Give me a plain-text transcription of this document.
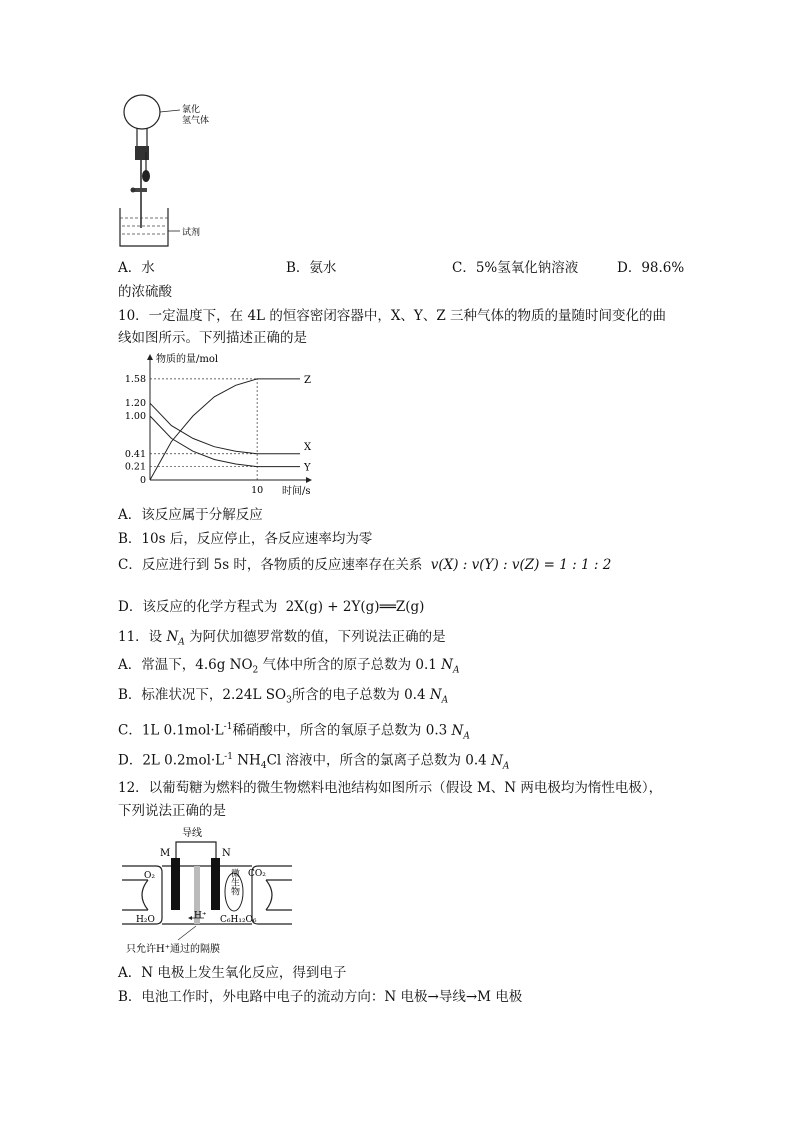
氯化
氢气体
试剂
A．水	B．氨水	C．5%氢氧化钠溶液	D．98.6%
的浓硫酸
10．一定温度下，在 4L 的恒容密闭容器中，X、Y、Z 三种气体的物质的量随时间变化的曲
线如图所示。下列描述正确的是
物质的量/mol
时间/s
0
0.21
0.41
1.00
1.20
1.58
10
Z
X
Y
A．该反应属于分解反应
B．10s 后，反应停止，各反应速率均为零
C．反应进行到 5s 时，各物质的反应速率存在关系 v(X) : v(Y) : v(Z) = 1 : 1 : 2
D．该反应的化学方程式为 2X(g) + 2Y(g)══Z(g)
11．设 $N_A$ 为阿伏加德罗常数的值，下列说法正确的是
A．常温下，4.6g $NO_2$ 气体中所含的原子总数为 0.1 $N_A$
B．标准状况下，2.24L $SO_3$所含的电子总数为 0.4 $N_A$
C．1L $0.1mol\cdot L^{-1}$稀硝酸中，所含的氧原子总数为 0.3 $N_A$
D．2L $0.2mol\cdot L^{-1}$ $NH_4Cl$ 溶液中，所含的氯离子总数为 0.4 $N_A$
12．以葡萄糖为燃料的微生物燃料电池结构如图所示（假设 M、N 两电极均为惰性电极），
下列说法正确的是
导线
M	N
微生物
O₂	CO₂
H₂O	H⁺ C₆H₁₂O₆
只允许H⁺通过的隔膜
A．N 电极上发生氧化反应，得到电子
B．电池工作时，外电路中电子的流动方向：N 电极→导线→M 电极
